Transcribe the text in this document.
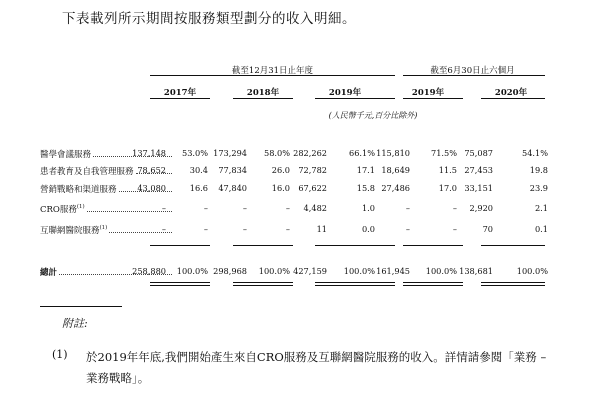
下表載列所示期間按服務類型劃分的收入明細。
截至12月31日止年度	截至6月30日止六個月
2017年	2018年	2019年	2019年	2020年
(人民幣千元,百分比除外)
醫學會議服務	137,148	53.0% 173,294	58.0% 282,262	66.1% 115,810	71.5% 75,087	54.1%
患者教育及自我管理服務 78,652	30.4	77,834	26.0	72,782	17.1 18,649	11.5 27,453	19.8
營銷戰略和渠道服務	43,080	16.6	47,840	16.0	67,622	15.8 27,486	17.0 33,151	23.9
CRO服務$^{(1)}$	–	–	–	–	4,482	1.0	–	–	2,920	2.1
互聯網醫院服務$^{(1)}$	–	–	–	–	11	0.0	–	–	70	0.1
總計	258,880	100.0% 298,968	100.0% 427,159	100.0% 161,945	100.0% 138,681	100.0%
附註:
(1) 於2019年年底,我們開始產生來自CRO服務及互聯網醫院服務的收入。詳情請參閱「業務 – 業務戰略」。
